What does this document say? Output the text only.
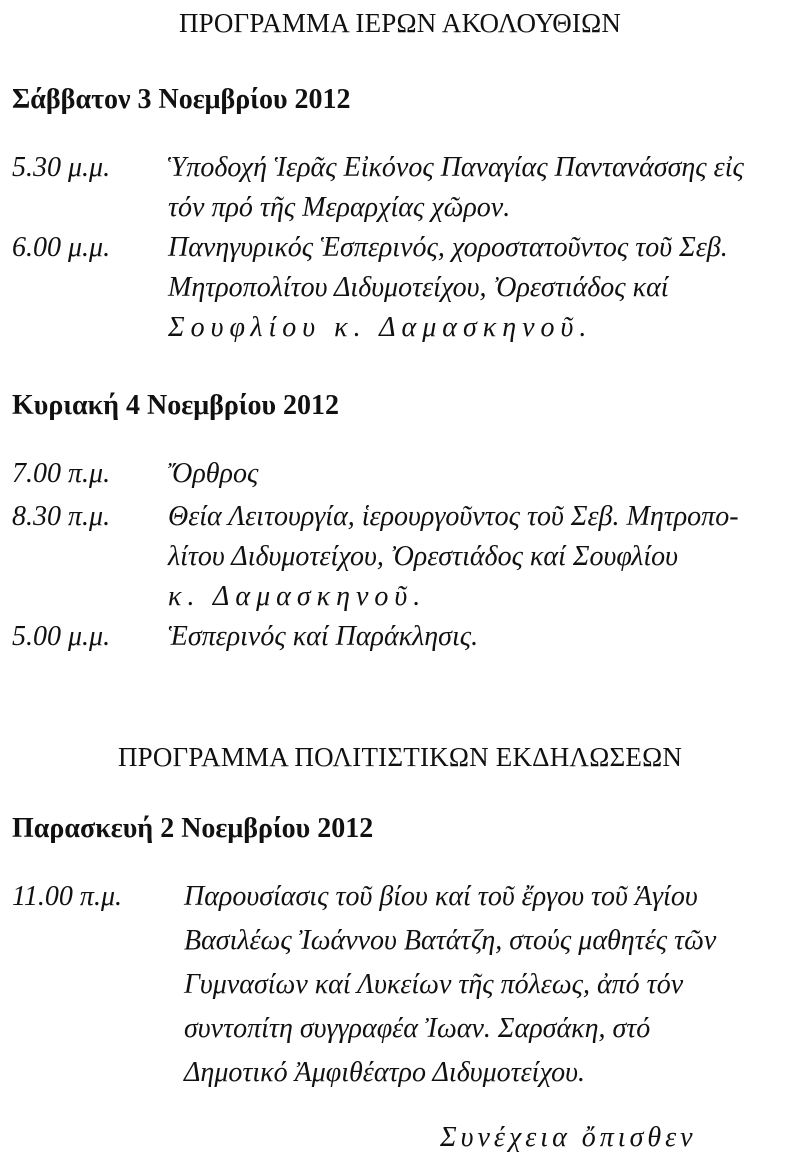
ΠΡΟΓΡΑΜΜΑ ΙΕΡΩΝ ΑΚΟΛΟΥΘΙΩΝ
Σάββατον 3 Νοεμβρίου 2012
5.30 μ.μ. Ὑποδοχή Ἱερᾶς Εἰκόνος Παναγίας Παντανάσσης εἰς
τόν πρό τῆς Μεραρχίας χῶρον.
6.00 μ.μ. Πανηγυρικός Ἑσπερινός, χοροστατοῦντος τοῦ Σεβ.
Μητροπολίτου Διδυμοτείχου, Ὀρεστιάδος καί
Σουφλίου κ. Δαμασκηνοῦ.
Κυριακή 4 Νοεμβρίου 2012
7.00 π.μ. Ὄρθρος
8.30 π.μ. Θεία Λειτουργία, ἱερουργοῦντος τοῦ Σεβ. Μητροπο-
λίτου Διδυμοτείχου, Ὀρεστιάδος καί Σουφλίου
κ. Δαμασκηνοῦ.
5.00 μ.μ. Ἑσπερινός καί Παράκλησις.
ΠΡΟΓΡΑΜΜΑ ΠΟΛΙΤΙΣΤΙΚΩΝ ΕΚΔΗΛΩΣΕΩΝ
Παρασκευή 2 Νοεμβρίου 2012
11.00 π.μ. Παρουσίασις τοῦ βίου καί τοῦ ἔργου τοῦ Ἁγίου
Βασιλέως Ἰωάννου Βατάτζη, στούς μαθητές τῶν
Γυμνασίων καί Λυκείων τῆς πόλεως, ἀπό τόν
συντοπίτη συγγραφέα Ἰωαν. Σαρσάκη, στό
Δημοτικό Ἀμφιθέατρο Διδυμοτείχου.
Συνέχεια ὄπισθεν
